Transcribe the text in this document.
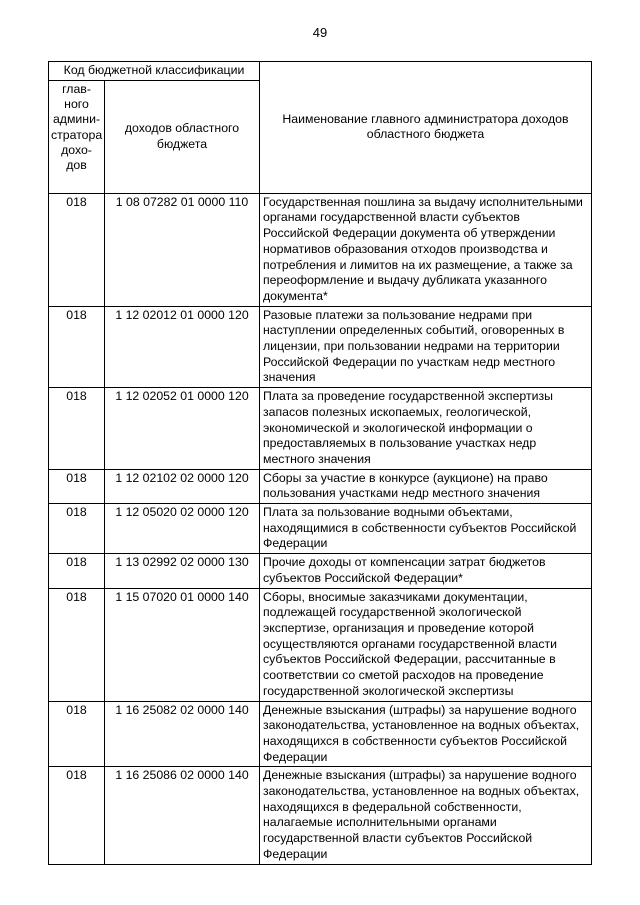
49
Код бюджетной классификации		Наименование главного администратора доходов областного бюджета
глав-ного админи-стратора дохо-дов	доходов областного бюджета	
018	1 08 07282 01 0000 110	Государственная пошлина за выдачу исполнительными органами государственной власти субъектов Российской Федерации документа об утверждении нормативов образования отходов производства и потребления и лимитов на их размещение, а также за переоформление и выдачу дубликата указанного документа*
018	1 12 02012 01 0000 120	Разовые платежи за пользование недрами при наступлении определенных событий, оговоренных в лицензии, при пользовании недрами на территории Российской Федерации по участкам недр местного значения
018	1 12 02052 01 0000 120	Плата за проведение государственной экспертизы запасов полезных ископаемых, геологической, экономической и экологической информации о предоставляемых в пользование участках недр местного значения
018	1 12 02102 02 0000 120	Сборы за участие в конкурсе (аукционе) на право пользования участками недр местного значения
018	1 12 05020 02 0000 120	Плата за пользование водными объектами, находящимися в собственности субъектов Российской Федерации
018	1 13 02992 02 0000 130	Прочие доходы от компенсации затрат бюджетов субъектов Российской Федерации*
018	1 15 07020 01 0000 140	Сборы, вносимые заказчиками документации, подлежащей государственной экологической экспертизе, организация и проведение которой осуществляются органами государственной власти субъектов Российской Федерации, рассчитанные в соответствии со сметой расходов на проведение государственной экологической экспертизы
018	1 16 25082 02 0000 140	Денежные взыскания (штрафы) за нарушение водного законодательства, установленное на водных объектах, находящихся в собственности субъектов Российской Федерации
018	1 16 25086 02 0000 140	Денежные взыскания (штрафы) за нарушение водного законодательства, установленное на водных объектах, находящихся в федеральной собственности, налагаемые исполнительными органами государственной власти субъектов Российской Федерации
